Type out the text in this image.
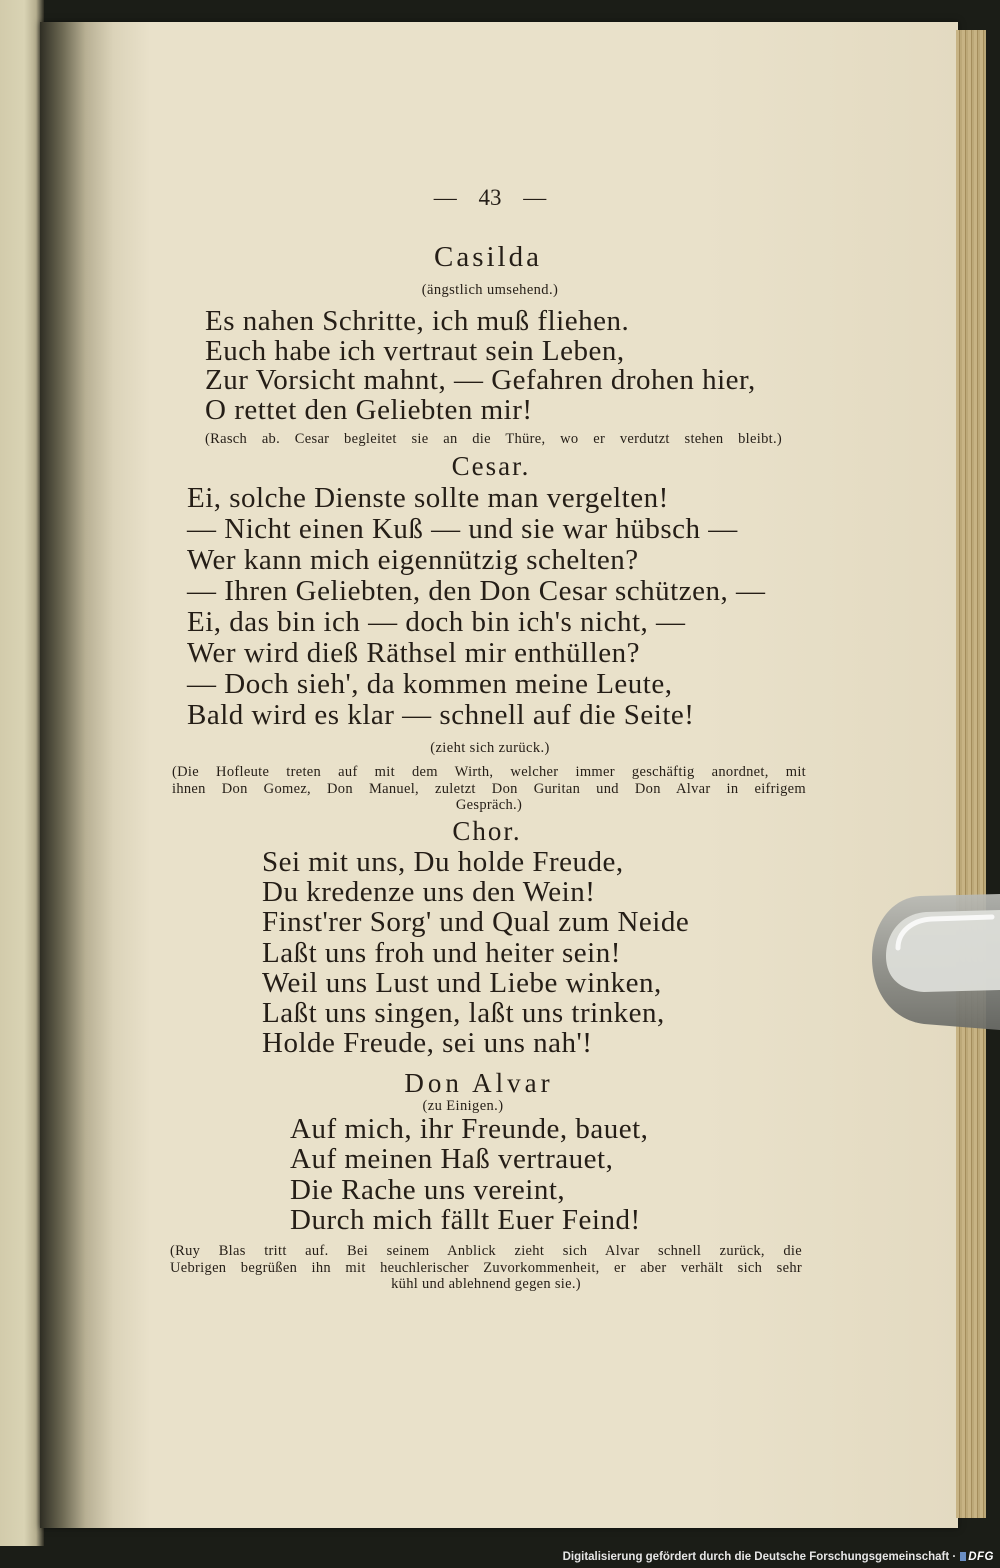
— 43 —
Casilda
(ängstlich umsehend.)
Es nahen Schritte, ich muß fliehen.
Euch habe ich vertraut sein Leben,
Zur Vorsicht mahnt, — Gefahren drohen hier,
O rettet den Geliebten mir!
(Rasch ab. Cesar begleitet sie an die Thüre, wo er verdutzt stehen bleibt.)
Cesar.
Ei, solche Dienste sollte man vergelten!
— Nicht einen Kuß — und sie war hübsch —
Wer kann mich eigennützig schelten?
— Ihren Geliebten, den Don Cesar schützen, —
Ei, das bin ich — doch bin ich's nicht, —
Wer wird dieß Räthsel mir enthüllen?
— Doch sieh', da kommen meine Leute,
Bald wird es klar — schnell auf die Seite!
(zieht sich zurück.)
(Die Hofleute treten auf mit dem Wirth, welcher immer geschäftig anordnet, mit
ihnen Don Gomez, Don Manuel, zuletzt Don Guritan und Don Alvar in eifrigem
Gespräch.)
Chor.
Sei mit uns, Du holde Freude,
Du kredenze uns den Wein!
Finst'rer Sorg' und Qual zum Neide
Laßt uns froh und heiter sein!
Weil uns Lust und Liebe winken,
Laßt uns singen, laßt uns trinken,
Holde Freude, sei uns nah'!
Don Alvar
(zu Einigen.)
Auf mich, ihr Freunde, bauet,
Auf meinen Haß vertrauet,
Die Rache uns vereint,
Durch mich fällt Euer Feind!
(Ruy Blas tritt auf. Bei seinem Anblick zieht sich Alvar schnell zurück, die
Uebrigen begrüßen ihn mit heuchlerischer Zuvorkommenheit, er aber verhält sich sehr
kühl und ablehnend gegen sie.)
Digitalisierung gefördert durch die Deutsche Forschungsgemeinschaft · DFG
